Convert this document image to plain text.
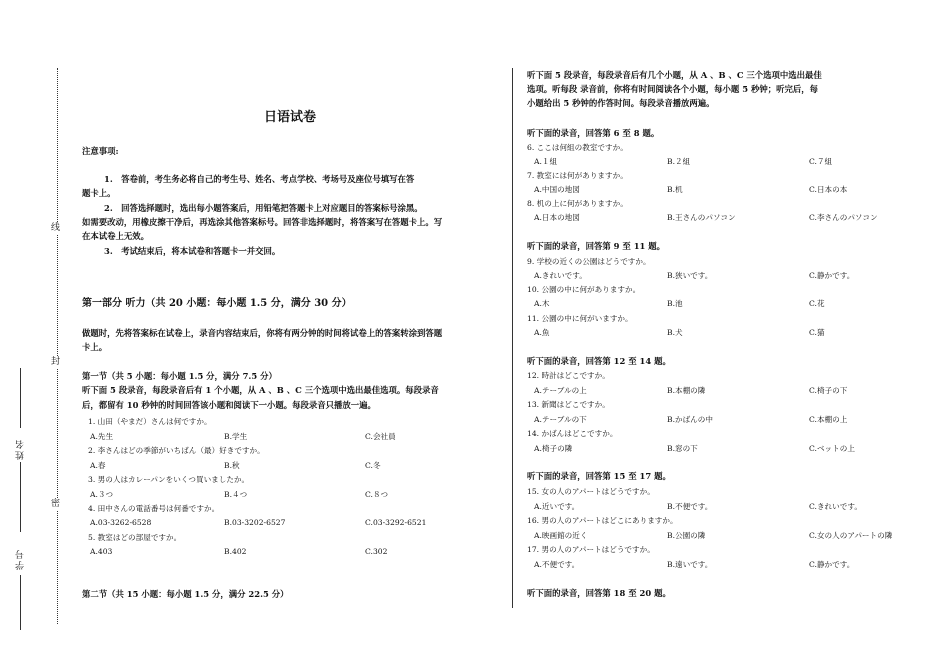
线
封
密
姓名
学号
日语试卷
注意事项:
1.　答卷前，考生务必将自己的考生号、姓名、考点学校、考场号及座位号填写在答
题卡上。
2.　回答选择题时，选出每小题答案后，用铅笔把答题卡上对应题目的答案标号涂黑。
如需要改动，用橡皮擦干净后，再选涂其他答案标号。回答非选择题时，将答案写在答题卡上。写
在本试卷上无效。
3.　考试结束后，将本试卷和答题卡一并交回。
第一部分 听力（共 20 小题：每小题 1.5 分，满分 30 分）
做题时，先将答案标在试卷上，录音内容结束后，你将有两分钟的时间将试卷上的答案转涂到答题
卡上。
第一节（共 5 小题：每小题 1.5 分，满分 7.5 分）
听下面 5 段录音，每段录音后有 1 个小题，从 A 、B 、C 三个选项中选出最佳选项。每段录音
后，都留有 10 秒钟的时间回答该小题和阅读下一小题。每段录音只播放一遍。
1. 山田（やまだ）さんは何ですか。
A.先生	B.学生	C.会社員
2. 李さんはどの季節がいちばん（最）好きですか。
A.春	B.秋	C.冬
3. 男の人はカレーパンをいくつ買いましたか。
A.３つ	B.４つ	C.８つ
4. 田中さんの電話番号は何番ですか。
A.03-3262-6528	B.03-3202-6527	C.03-3292-6521
5. 教室はどの部屋ですか。
A.403	B.402	C.302
第二节（共 15 小题：每小题 1.5 分，满分 22.5 分）
听下面 5 段录音，每段录音后有几个小题，从 A 、B 、C 三个选项中选出最佳
选项。听每段 录音前，你将有时间阅读各个小题，每小题 5 秒钟；听完后，每
小题给出 5 秒钟的作答时间。每段录音播放两遍。
听下面的录音，回答第 6 至 8 题。
6. ここは何組の教室ですか。
A.１組	B.２組	C.７組
7. 教室には何がありますか。
A.中国の地図	B.机	C.日本の本
8. 机の上に何がありますか。
A.日本の地図	B.王さんのパソコン	C.李さんのパソコン
听下面的录音，回答第 9 至 11 题。
9. 学校の近くの公園はどうですか。
A.きれいです。	B.狭いです。	C.静かです。
10. 公園の中に何がありますか。
A.木	B.池	C.花
11. 公園の中に何がいますか。
A.魚	B.犬	C.猫
听下面的录音，回答第 12 至 14 题。
12. 時計はどこですか。
A.テーブルの上	B.本棚の隣	C.椅子の下
13. 新聞はどこですか。
A.テーブルの下	B.かばんの中	C.本棚の上
14. かばんはどこですか。
A.椅子の隣	B.窓の下	C.ベットの上
听下面的录音，回答第 15 至 17 题。
15. 女の人のアパートはどうですか。
A.近いです。	B.不便です。	C.きれいです。
16. 男の人のアパートはどこにありますか。
A.映画館の近く	B.公園の隣	C.女の人のアパートの隣
17. 男の人のアパートはどうですか。
A.不便です。	B.遠いです。	C.静かです。
听下面的录音，回答第 18 至 20 题。
